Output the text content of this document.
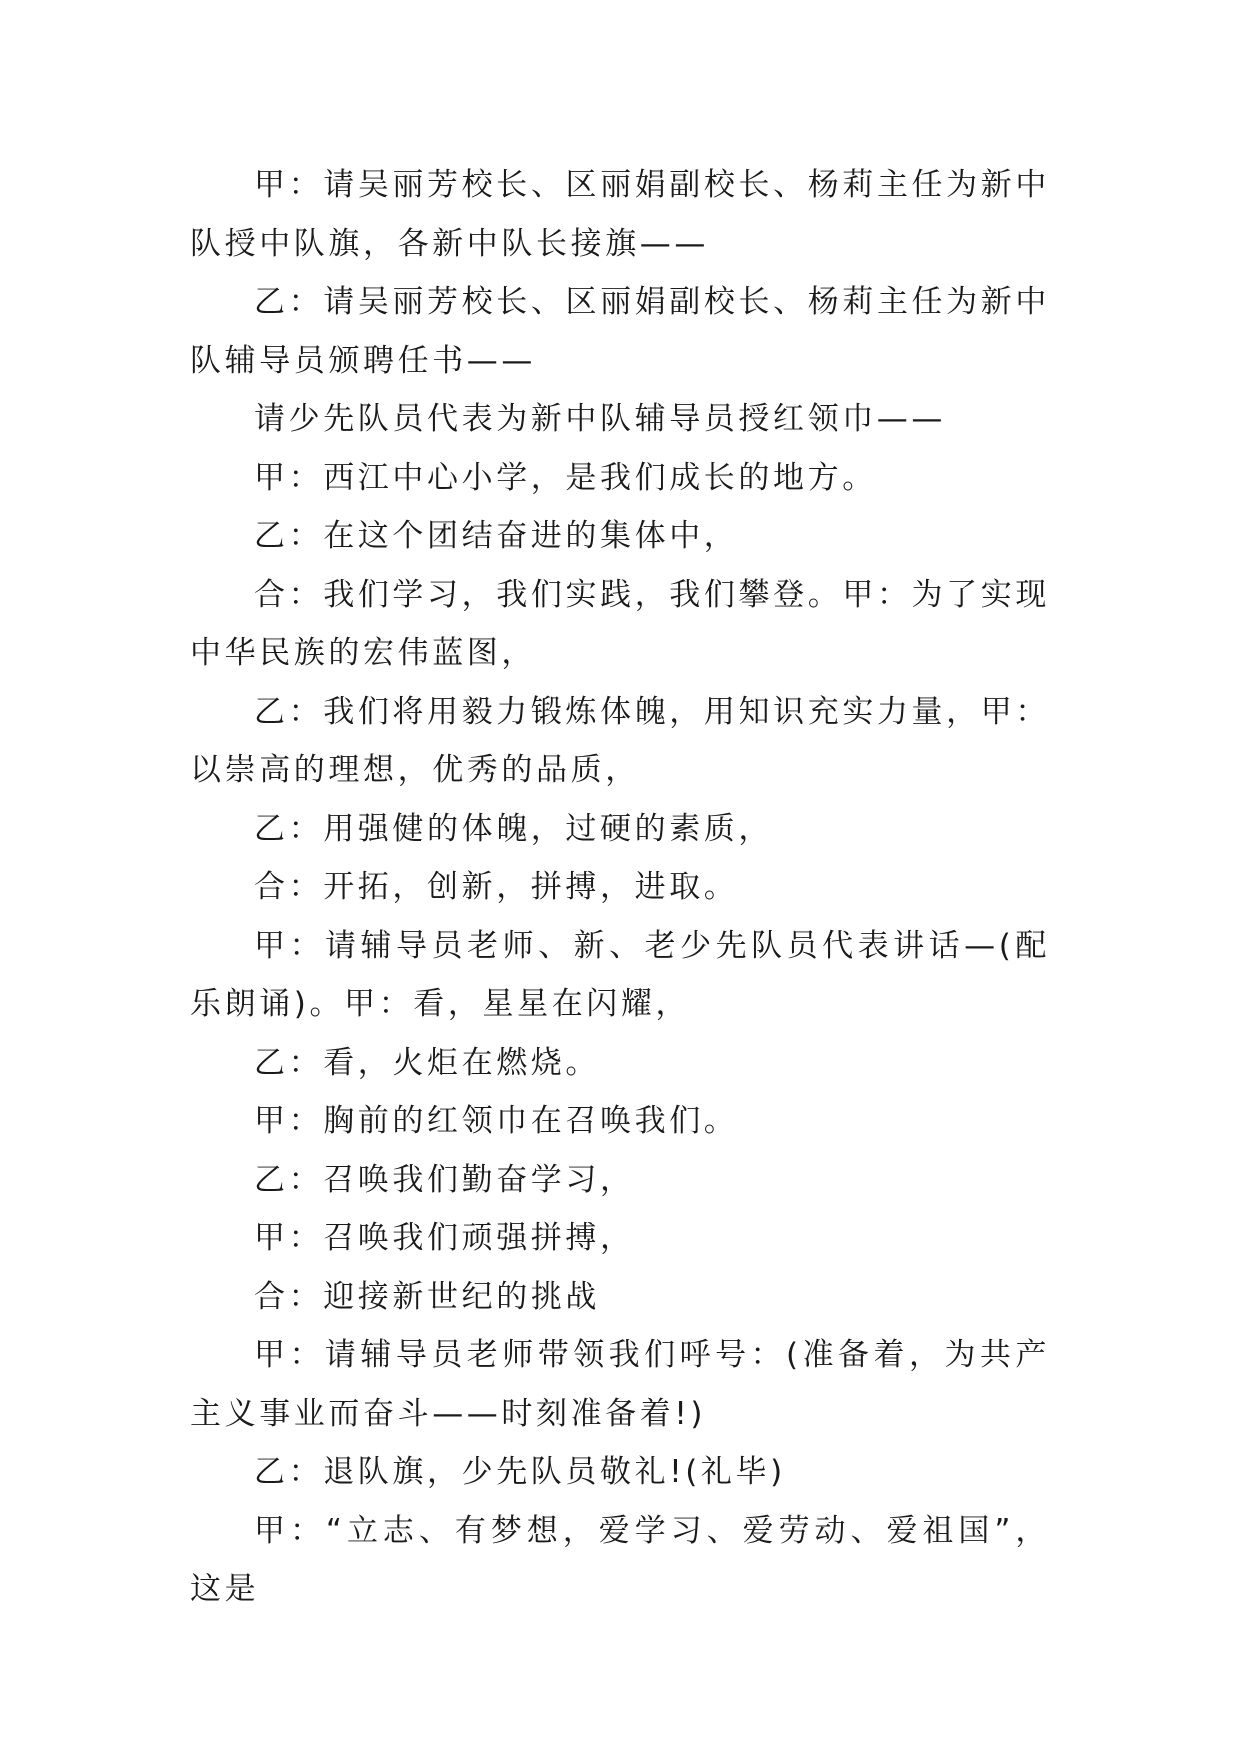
甲：请吴丽芳校长、区丽娟副校长、杨莉主任为新中队授中队旗，各新中队长接旗——

乙：请吴丽芳校长、区丽娟副校长、杨莉主任为新中队辅导员颁聘任书——

请少先队员代表为新中队辅导员授红领巾——

甲：西江中心小学，是我们成长的地方。

乙：在这个团结奋进的集体中，

合：我们学习，我们实践，我们攀登。甲：为了实现中华民族的宏伟蓝图，

乙：我们将用毅力锻炼体魄，用知识充实力量，甲：以崇高的理想，优秀的品质，

乙：用强健的体魄，过硬的素质，

合：开拓，创新，拼搏，进取。

甲：请辅导员老师、新、老少先队员代表讲话—(配乐朗诵)。甲：看，星星在闪耀，

乙：看，火炬在燃烧。

甲：胸前的红领巾在召唤我们。

乙：召唤我们勤奋学习，

甲：召唤我们顽强拼搏，

合：迎接新世纪的挑战

甲：请辅导员老师带领我们呼号：(准备着，为共产主义事业而奋斗——时刻准备着!)

乙：退队旗，少先队员敬礼!(礼毕)

甲：“立志、有梦想，爱学习、爱劳动、爱祖国”，这是
